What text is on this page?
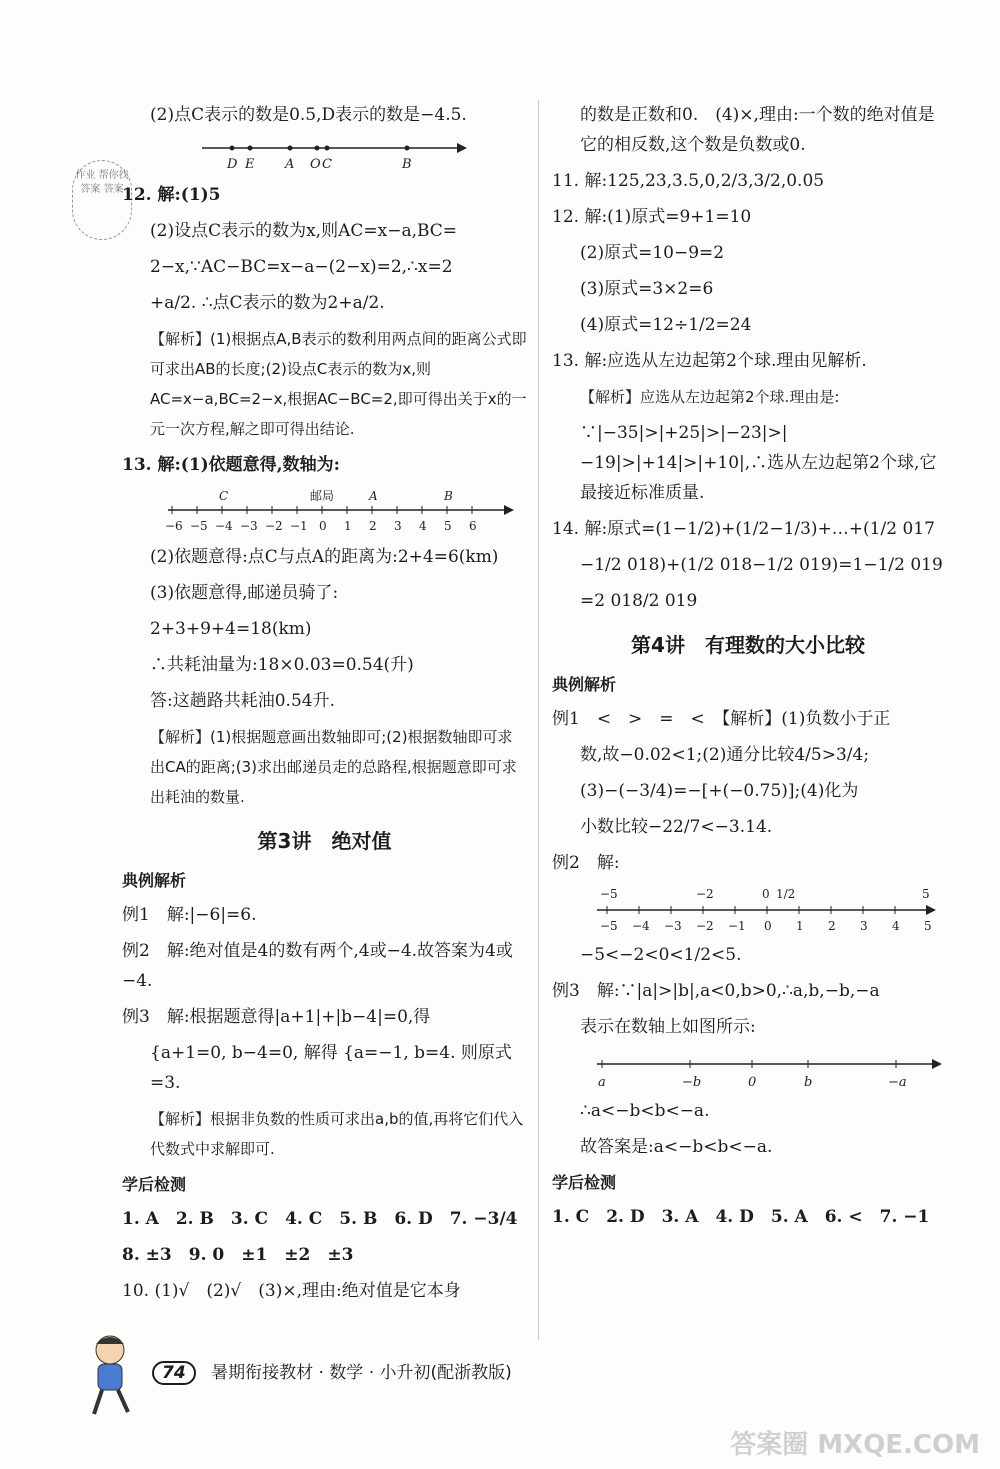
作业 帮你找答案 答案

(2)点C表示的数是0.5,D表示的数是−4.5.

D E A O C	B

12. 解:(1)5

(2)设点C表示的数为x,则AC=x−a,BC=

2−x,∵AC−BC=x−a−(2−x)=2,∴x=2

+a/2. ∴点C表示的数为2+a/2.

【解析】(1)根据点A,B表示的数利用两点间的距离公式即可求出AB的长度;(2)设点C表示的数为x,则AC=x−a,BC=2−x,根据AC−BC=2,即可得出关于x的一元一次方程,解之即可得出结论.

13. 解:(1)依题意得,数轴为:

C	邮局	A	B
−6 −5 −4 −3 −2 −1 0 1 2 3 4 5 6

(2)依题意得:点C与点A的距离为:2+4=6(km)

(3)依题意得,邮递员骑了:

2+3+9+4=18(km)

∴共耗油量为:18×0.03=0.54(升)

答:这趟路共耗油0.54升.

【解析】(1)根据题意画出数轴即可;(2)根据数轴即可求出CA的距离;(3)求出邮递员走的总路程,根据题意即可求出耗油的数量.

第3讲　绝对值
典例解析

例1　解:|−6|=6.

例2　解:绝对值是4的数有两个,4或−4.故答案为4或−4.

例3　解:根据题意得|a+1|+|b−4|=0,得

{a+1=0, b−4=0, 解得 {a=−1, b=4. 则原式=3.

【解析】根据非负数的性质可求出a,b的值,再将它们代入代数式中求解即可.

学后检测

1. A　2. B　3. C　4. C　5. B　6. D　7. −3/4

8. ±3　9. 0　±1　±2　±3

10. (1)√　(2)√　(3)×,理由:绝对值是它本身

的数是正数和0.　(4)×,理由:一个数的绝对值是它的相反数,这个数是负数或0.

11. 解:125,23,3.5,0,2/3,3/2,0.05

12. 解:(1)原式=9+1=10

(2)原式=10−9=2

(3)原式=3×2=6

(4)原式=12÷1/2=24

13. 解:应选从左边起第2个球.理由见解析.

【解析】应选从左边起第2个球.理由是:

∵|−35|>|+25|>|−23|>|−19|>|+14|>|+10|,∴选从左边起第2个球,它最接近标准质量.

14. 解:原式=(1−1/2)+(1/2−1/3)+…+(1/2 017

−1/2 018)+(1/2 018−1/2 019)=1−1/2 019

=2 018/2 019

第4讲　有理数的大小比较
典例解析

例1　<　>　=　<　【解析】(1)负数小于正

数,故−0.02<1;(2)通分比较4/5>3/4;

(3)−(−3/4)=−[+(−0.75)];(4)化为

小数比较−22/7<−3.14.

例2　解:

−5	−2	0 1/2	5
−5 −4 −3 −2 −1 0 1 2 3 4 5

−5<−2<0<1/2<5.

例3　解:∵|a|>|b|,a<0,b>0,∴a,b,−b,−a

表示在数轴上如图所示:

a	−b	0	b	−a

∴a<−b<b<−a.

故答案是:a<−b<b<−a.

学后检测

1. C　2. D　3. A　4. D　5. A　6. <　7. −1

74 暑期衔接教材 · 数学 · 小升初(配浙教版)
答案圈 MXQE.COM
